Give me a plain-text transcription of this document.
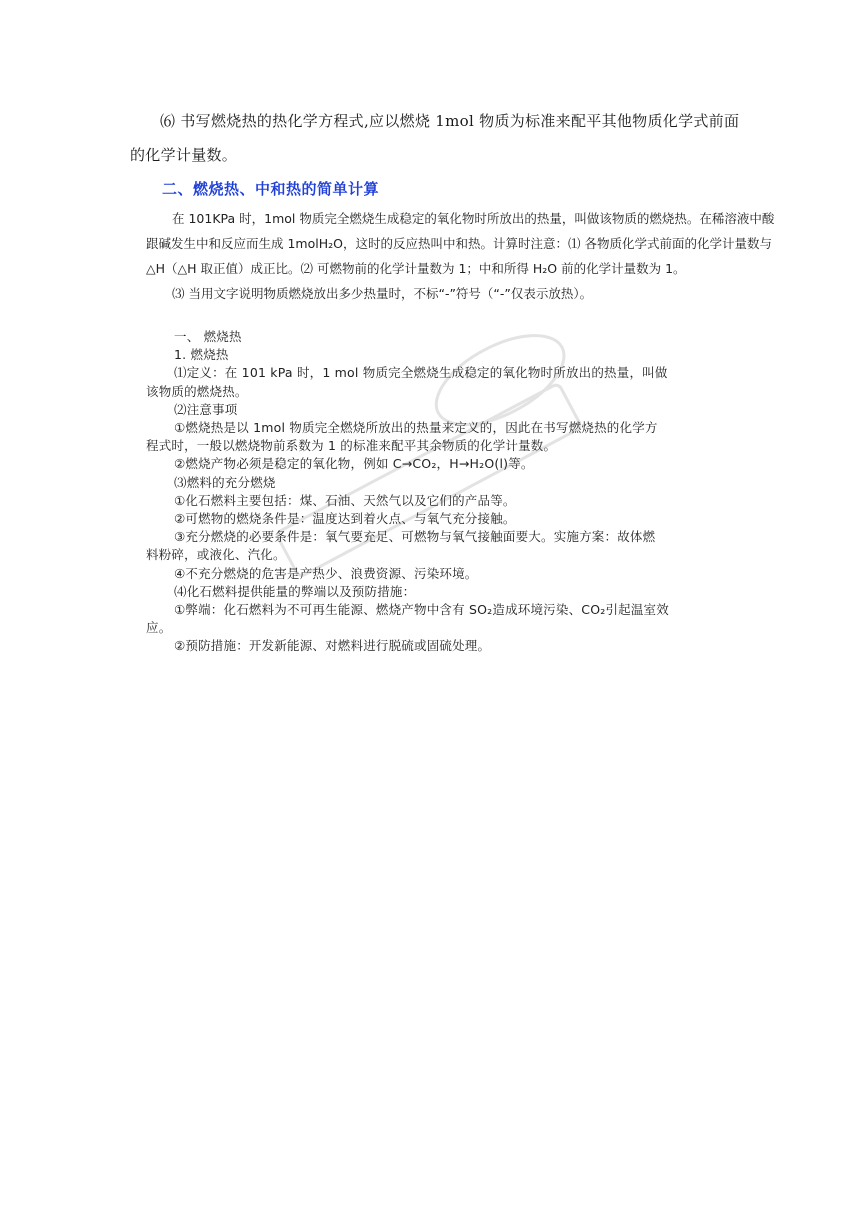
⑹ 书写燃烧热的热化学方程式,应以燃烧 1mol 物质为标准来配平其他物质化学式前面
的化学计量数。
二、燃烧热、中和热的简单计算

在 101KPa 时，1mol 物质完全燃烧生成稳定的氧化物时所放出的热量，叫做该物质的燃烧热。在稀溶液中酸跟碱发生中和反应而生成 1molH₂O，这时的反应热叫中和热。计算时注意：⑴ 各物质化学式前面的化学计量数与△H（△H 取正值）成正比。⑵ 可燃物前的化学计量数为 1；中和所得 H₂O 前的化学计量数为 1。

⑶ 当用文字说明物质燃烧放出多少热量时，不标“-”符号（“-”仅表示放热）。

一、 燃烧热
1. 燃烧热
⑴定义：在 101 kPa 时，1 mol 物质完全燃烧生成稳定的氧化物时所放出的热量，叫做
该物质的燃烧热。
⑵注意事项
①燃烧热是以 1mol 物质完全燃烧所放出的热量来定义的，因此在书写燃烧热的化学方
程式时，一般以燃烧物前系数为 1 的标准来配平其余物质的化学计量数。
②燃烧产物必须是稳定的氧化物，例如 C→CO₂，H→H₂O(l)等。
⑶燃料的充分燃烧
①化石燃料主要包括：煤、石油、天然气以及它们的产品等。
②可燃物的燃烧条件是：温度达到着火点、与氧气充分接触。
③充分燃烧的必要条件是：氧气要充足、可燃物与氧气接触面要大。实施方案：故体燃
料粉碎，或液化、汽化。
④不充分燃烧的危害是产热少、浪费资源、污染环境。
⑷化石燃料提供能量的弊端以及预防措施：
①弊端：化石燃料为不可再生能源、燃烧产物中含有 SO₂造成环境污染、CO₂引起温室效
应。
②预防措施：开发新能源、对燃料进行脱硫或固硫处理。
